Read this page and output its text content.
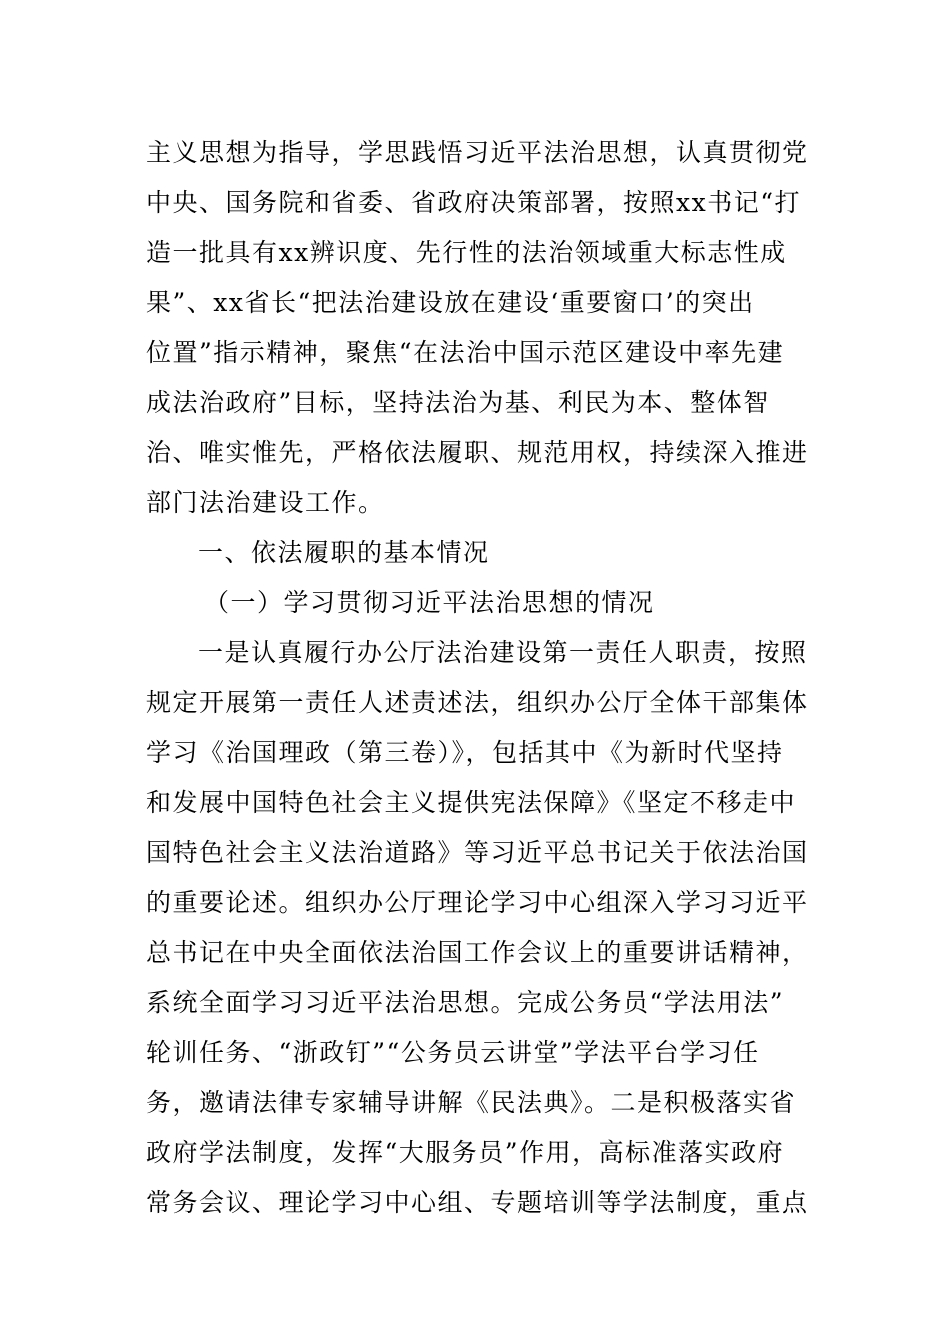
主义思想为指导，学思践悟习近平法治思想，认真贯彻党
中央、国务院和省委、省政府决策部署，按照xx书记“打
造一批具有xx辨识度、先行性的法治领域重大标志性成
果”、xx省长“把法治建设放在建设‘重要窗口’的突出
位置”指示精神，聚焦“在法治中国示范区建设中率先建
成法治政府”目标，坚持法治为基、利民为本、整体智
治、唯实惟先，严格依法履职、规范用权，持续深入推进
部门法治建设工作。
一、依法履职的基本情况
（一）学习贯彻习近平法治思想的情况
一是认真履行办公厅法治建设第一责任人职责，按照
规定开展第一责任人述责述法，组织办公厅全体干部集体
学习《治国理政（第三卷）》，包括其中《为新时代坚持
和发展中国特色社会主义提供宪法保障》《坚定不移走中
国特色社会主义法治道路》等习近平总书记关于依法治国
的重要论述。组织办公厅理论学习中心组深入学习习近平
总书记在中央全面依法治国工作会议上的重要讲话精神，
系统全面学习习近平法治思想。完成公务员“学法用法”
轮训任务、“浙政钉”“公务员云讲堂”学法平台学习任
务，邀请法律专家辅导讲解《民法典》。二是积极落实省
政府学法制度，发挥“大服务员”作用，高标准落实政府
常务会议、理论学习中心组、专题培训等学法制度，重点
